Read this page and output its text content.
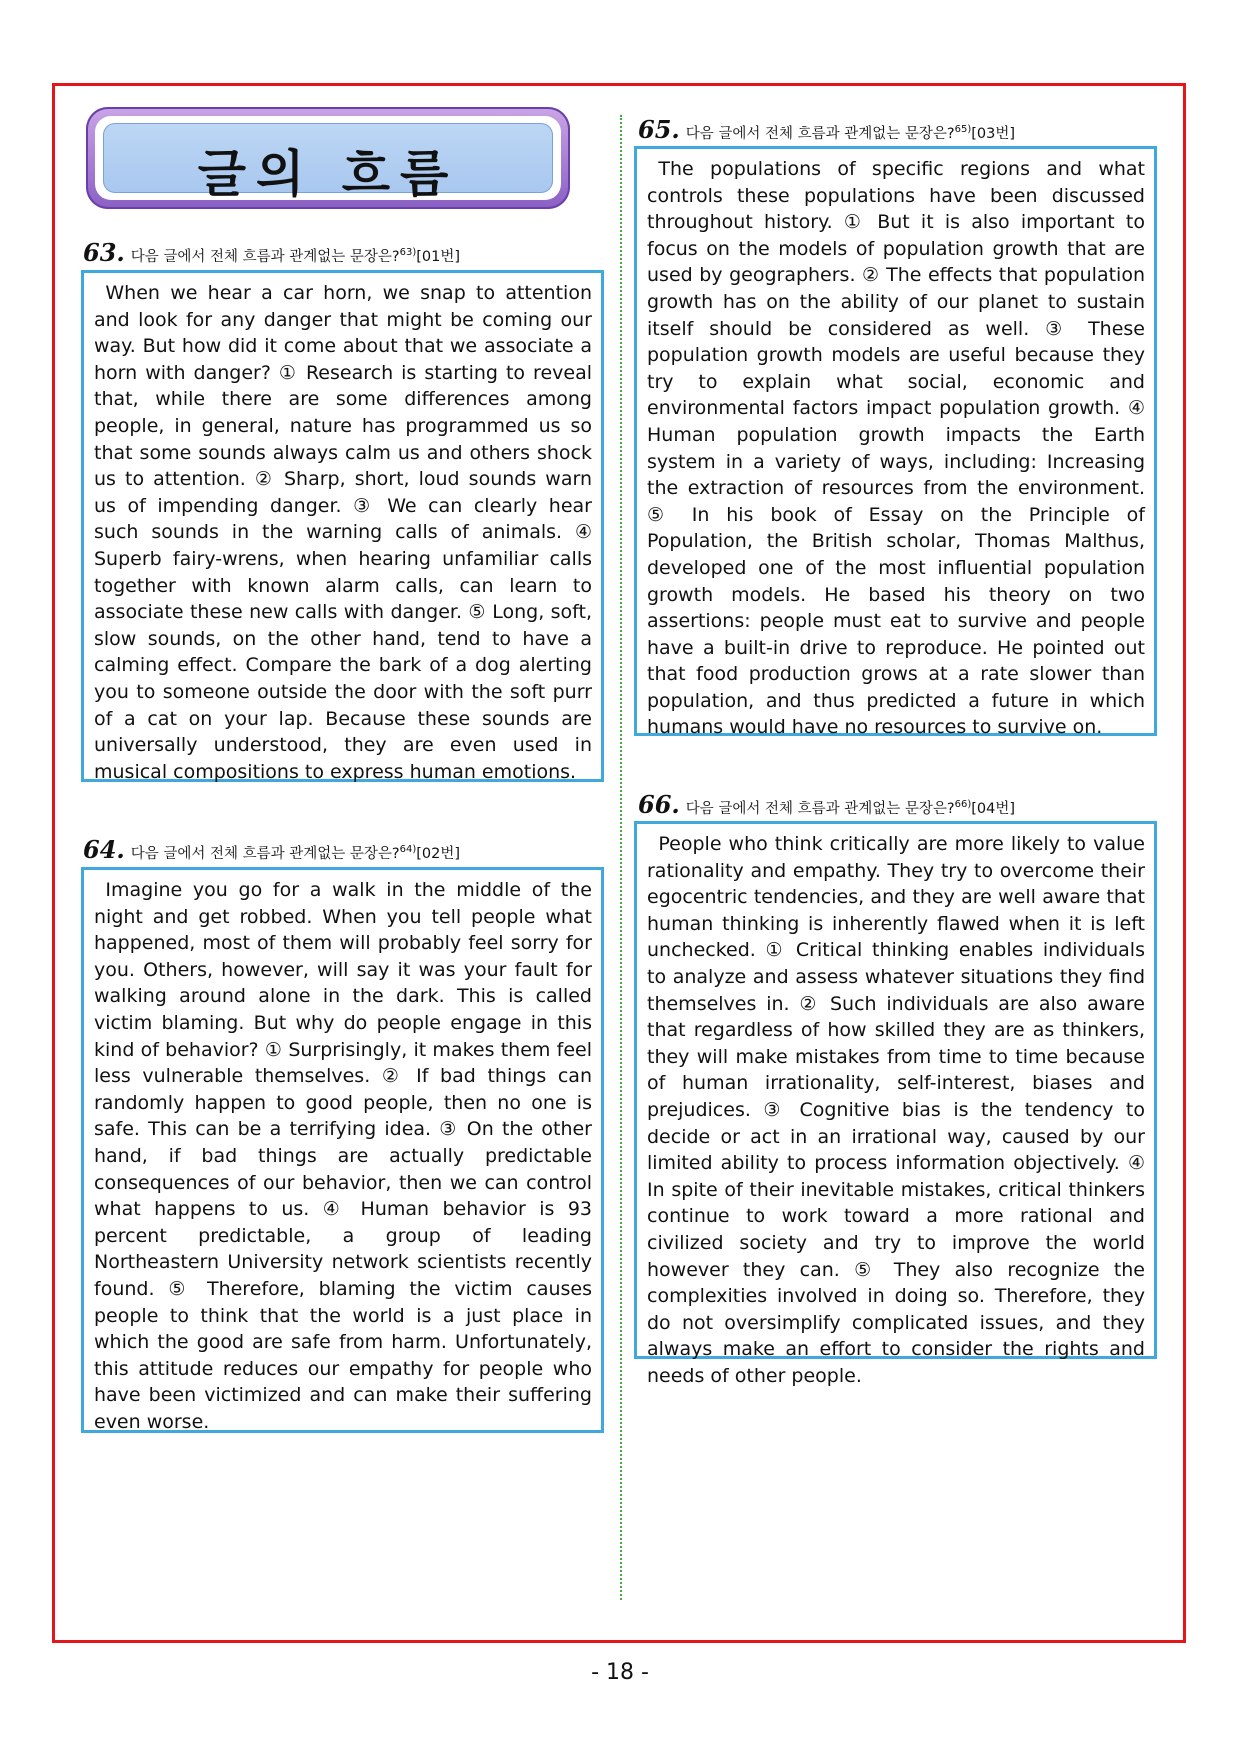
글의 흐름
63. 다음 글에서 전체 흐름과 관계없는 문장은?$^{63)}$[01번]

When we hear a car horn, we snap to attention and look for any danger that might be coming our way. But how did it come about that we associate a horn with danger? ① Research is starting to reveal that, while there are some differences among people, in general, nature has programmed us so that some sounds always calm us and others shock us to attention. ② Sharp, short, loud sounds warn us of impending danger. ③ We can clearly hear such sounds in the warning calls of animals. ④ Superb fairy-wrens, when hearing unfamiliar calls together with known alarm calls, can learn to associate these new calls with danger. ⑤ Long, soft, slow sounds, on the other hand, tend to have a calming effect. Compare the bark of a dog alerting you to someone outside the door with the soft purr of a cat on your lap. Because these sounds are universally understood, they are even used in musical compositions to express human emotions.

64. 다음 글에서 전체 흐름과 관계없는 문장은?$^{64)}$[02번]

Imagine you go for a walk in the middle of the night and get robbed. When you tell people what happened, most of them will probably feel sorry for you. Others, however, will say it was your fault for walking around alone in the dark. This is called victim blaming. But why do people engage in this kind of behavior? ① Surprisingly, it makes them feel less vulnerable themselves. ② If bad things can randomly happen to good people, then no one is safe. This can be a terrifying idea. ③ On the other hand, if bad things are actually predictable consequences of our behavior, then we can control what happens to us. ④ Human behavior is 93 percent predictable, a group of leading Northeastern University network scientists recently found. ⑤ Therefore, blaming the victim causes people to think that the world is a just place in which the good are safe from harm. Unfortunately, this attitude reduces our empathy for people who have been victimized and can make their suffering even worse.

65. 다음 글에서 전체 흐름과 관계없는 문장은?$^{65)}$[03번]

The populations of specific regions and what controls these populations have been discussed throughout history. ① But it is also important to focus on the models of population growth that are used by geographers. ② The effects that population growth has on the ability of our planet to sustain itself should be considered as well. ③ These population growth models are useful because they try to explain what social, economic and environmental factors impact population growth. ④ Human population growth impacts the Earth system in a variety of ways, including: Increasing the extraction of resources from the environment. ⑤ In his book of Essay on the Principle of Population, the British scholar, Thomas Malthus, developed one of the most influential population growth models. He based his theory on two assertions: people must eat to survive and people have a built-in drive to reproduce. He pointed out that food production grows at a rate slower than population, and thus predicted a future in which humans would have no resources to survive on.

66. 다음 글에서 전체 흐름과 관계없는 문장은?$^{66)}$[04번]

People who think critically are more likely to value rationality and empathy. They try to overcome their egocentric tendencies, and they are well aware that human thinking is inherently flawed when it is left unchecked. ① Critical thinking enables individuals to analyze and assess whatever situations they find themselves in. ② Such individuals are also aware that regardless of how skilled they are as thinkers, they will make mistakes from time to time because of human irrationality, self-interest, biases and prejudices. ③ Cognitive bias is the tendency to decide or act in an irrational way, caused by our limited ability to process information objectively. ④ In spite of their inevitable mistakes, critical thinkers continue to work toward a more rational and civilized society and try to improve the world however they can. ⑤ They also recognize the complexities involved in doing so. Therefore, they do not oversimplify complicated issues, and they always make an effort to consider the rights and needs of other people.

- 18 -
